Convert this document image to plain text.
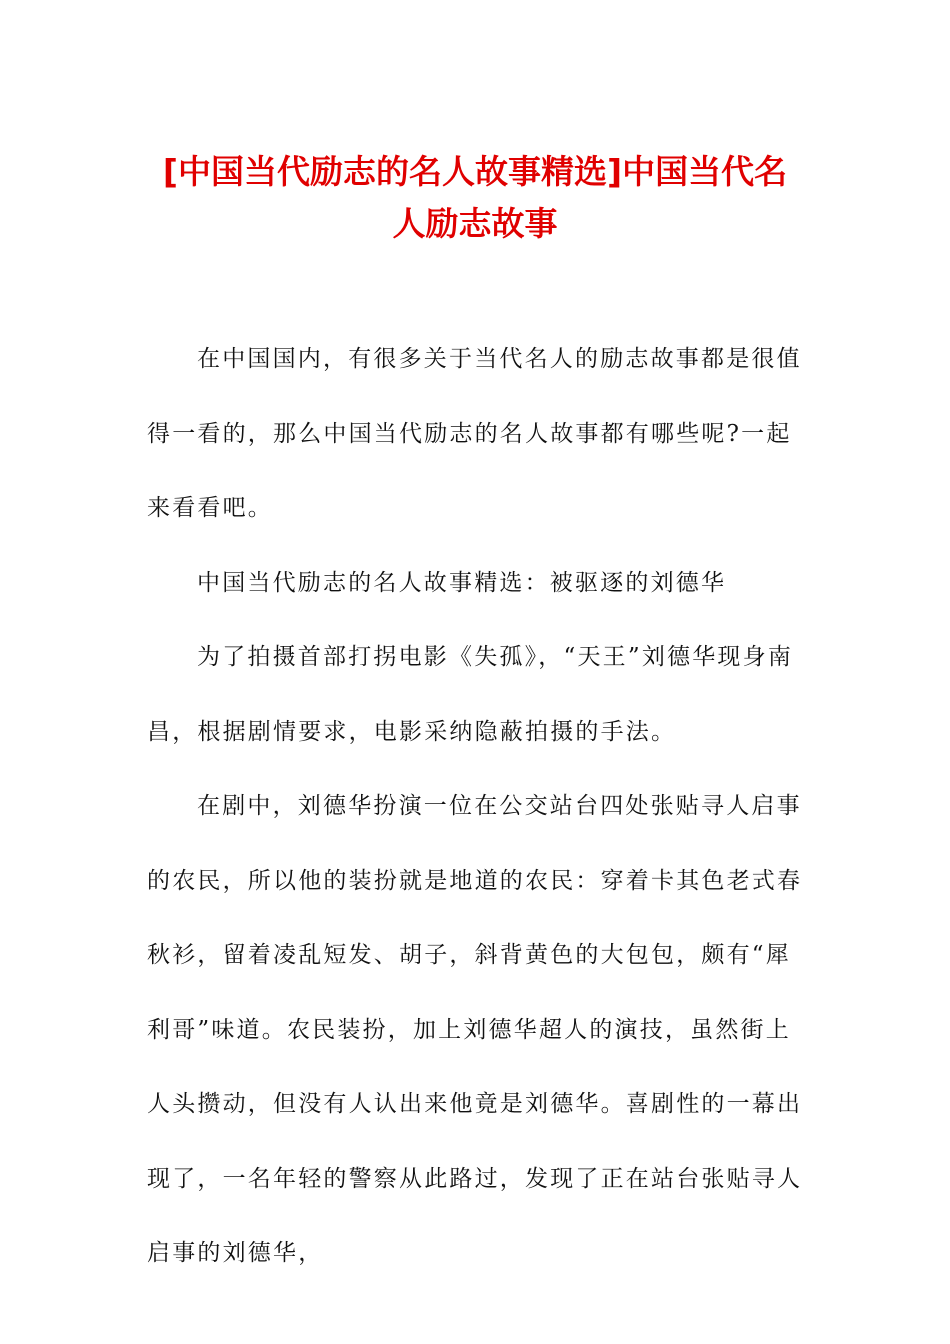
[中国当代励志的名人故事精选]中国当代名
人励志故事

在中国国内，有很多关于当代名人的励志故事都是很值得一看的，那么中国当代励志的名人故事都有哪些呢?一起来看看吧。

中国当代励志的名人故事精选：被驱逐的刘德华

为了拍摄首部打拐电影《失孤》，“天王”刘德华现身南昌，根据剧情要求，电影采纳隐蔽拍摄的手法。

在剧中，刘德华扮演一位在公交站台四处张贴寻人启事的农民，所以他的装扮就是地道的农民：穿着卡其色老式春秋衫，留着凌乱短发、胡子，斜背黄色的大包包，颇有“犀利哥”味道。农民装扮，加上刘德华超人的演技，虽然街上人头攒动，但没有人认出来他竟是刘德华。喜剧性的一幕出现了，一名年轻的警察从此路过，发现了正在站台张贴寻人启事的刘德华，
